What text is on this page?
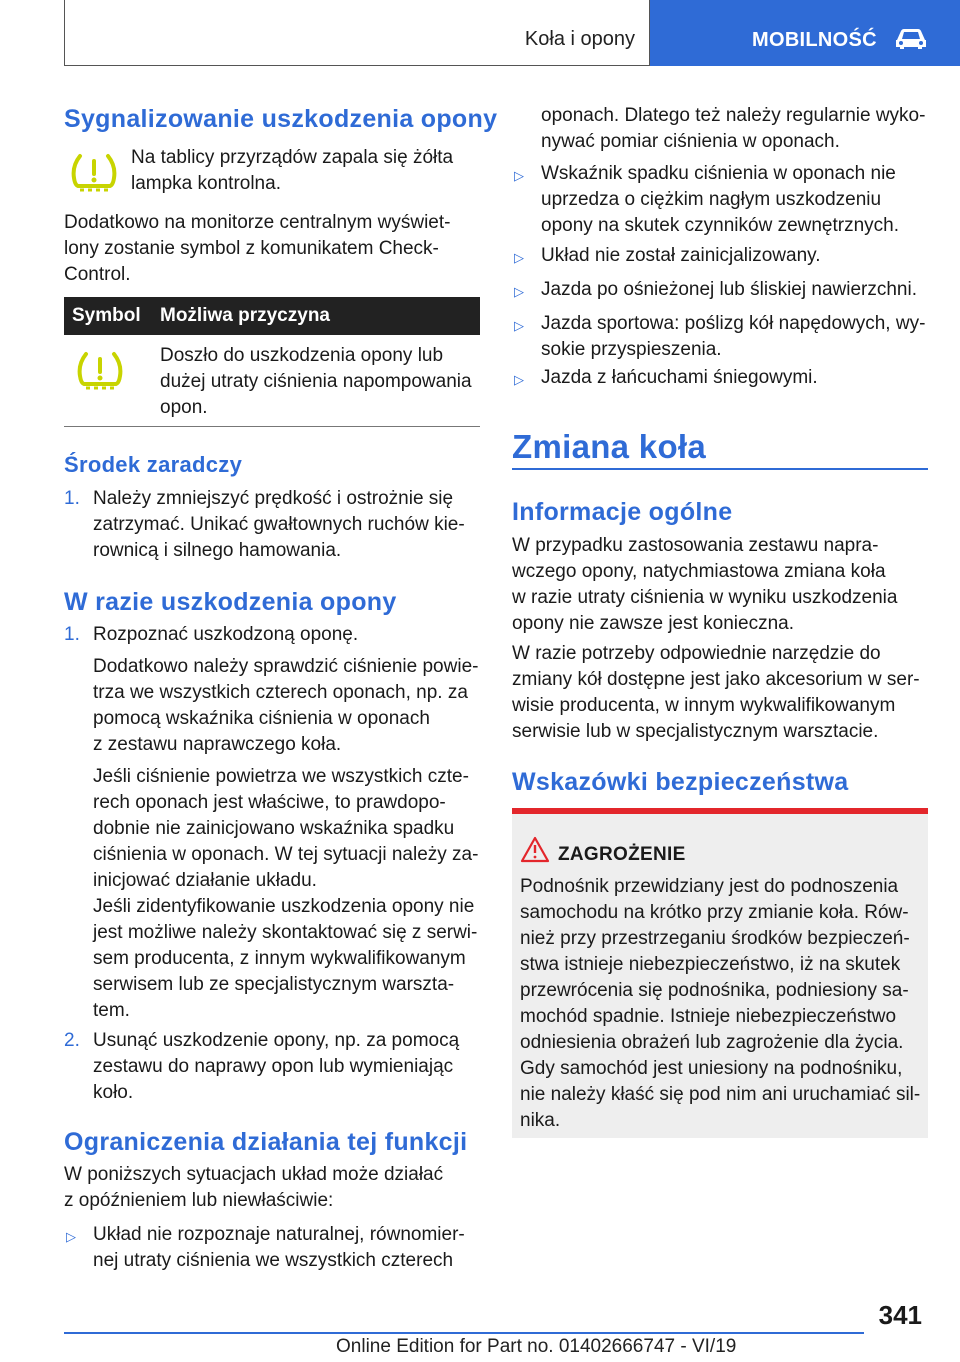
Koła i opony	MOBILNOŚĆ
Sygnalizowanie uszkodzenia opony
Na tablicy przyrządów zapala się żółta
lampka kontrolna.
Dodatkowo na monitorze centralnym wyświet-
lony zostanie symbol z komunikatem Check-
Control.
Symbol Możliwa przyczyna
Doszło do uszkodzenia opony lub
dużej utraty ciśnienia napompowania
opon.
Środek zaradczy
1. Należy zmniejszyć prędkość i ostrożnie się
zatrzymać. Unikać gwałtownych ruchów kie-
rownicą i silnego hamowania.
W razie uszkodzenia opony
1. Rozpoznać uszkodzoną oponę.
Dodatkowo należy sprawdzić ciśnienie powie-
trza we wszystkich czterech oponach, np. za
pomocą wskaźnika ciśnienia w oponach
z zestawu naprawczego koła.
Jeśli ciśnienie powietrza we wszystkich czte-
rech oponach jest właściwe, to prawdopo-
dobnie nie zainicjowano wskaźnika spadku
ciśnienia w oponach. W tej sytuacji należy za-
inicjować działanie układu.
Jeśli zidentyfikowanie uszkodzenia opony nie
jest możliwe należy skontaktować się z serwi-
sem producenta, z innym wykwalifikowanym
serwisem lub ze specjalistycznym warszta-
tem.
2. Usunąć uszkodzenie opony, np. za pomocą
zestawu do naprawy opon lub wymieniając
koło.
Ograniczenia działania tej funkcji
W poniższych sytuacjach układ może działać
z opóźnieniem lub niewłaściwie:
▷ Układ nie rozpoznaje naturalnej, równomier-
nej utraty ciśnienia we wszystkich czterech
oponach. Dlatego też należy regularnie wyko-
nywać pomiar ciśnienia w oponach.
▷ Wskaźnik spadku ciśnienia w oponach nie
uprzedza o ciężkim nagłym uszkodzeniu
opony na skutek czynników zewnętrznych.
▷ Układ nie został zainicjalizowany.
▷ Jazda po ośnieżonej lub śliskiej nawierzchni.
▷ Jazda sportowa: poślizg kół napędowych, wy-
sokie przyspieszenia.
▷ Jazda z łańcuchami śniegowymi.
Zmiana koła
Informacje ogólne
W przypadku zastosowania zestawu napra-
wczego opony, natychmiastowa zmiana koła
w razie utraty ciśnienia w wyniku uszkodzenia
opony nie zawsze jest konieczna.
W razie potrzeby odpowiednie narzędzie do
zmiany kół dostępne jest jako akcesorium w ser-
wisie producenta, w innym wykwalifikowanym
serwisie lub w specjalistycznym warsztacie.
Wskazówki bezpieczeństwa
ZAGROŻENIE
Podnośnik przewidziany jest do podnoszenia
samochodu na krótko przy zmianie koła. Rów-
nież przy przestrzeganiu środków bezpieczeń-
stwa istnieje niebezpieczeństwo, iż na skutek
przewrócenia się podnośnika, podniesiony sa-
mochód spadnie. Istnieje niebezpieczeństwo
odniesienia obrażeń lub zagrożenie dla życia.
Gdy samochód jest uniesiony na podnośniku,
nie należy kłaść się pod nim ani uruchamiać sil-
nika.
341
Online Edition for Part no. 01402666747 - VI/19
